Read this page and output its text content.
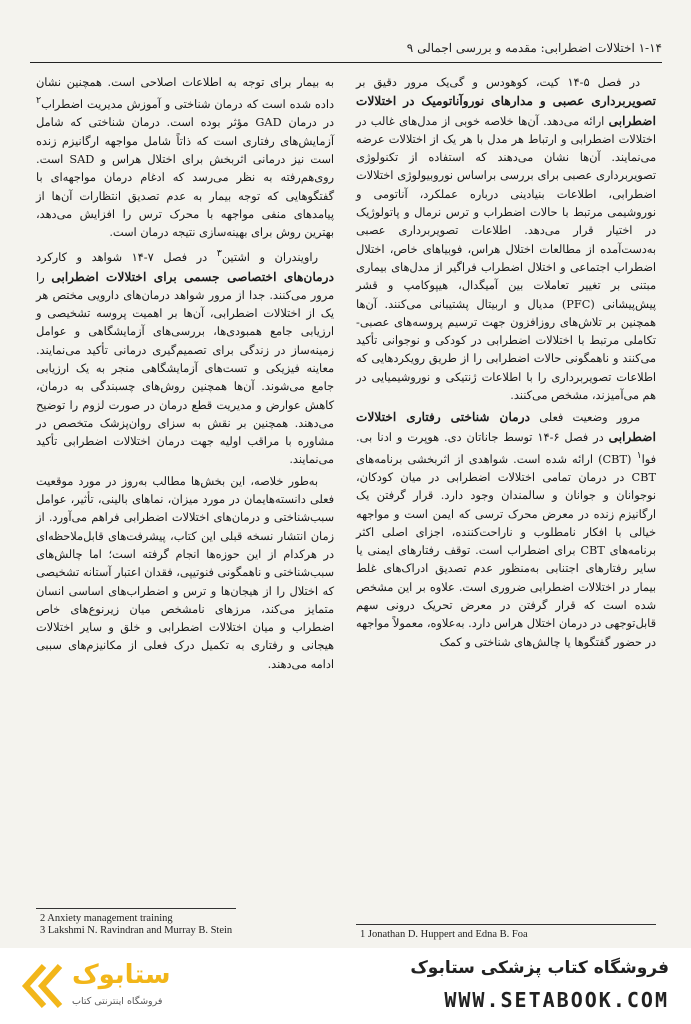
۱-۱۴ اختلالات اضطرابی: مقدمه و بررسی اجمالی ۹

در فصل ۵-۱۴ کیت، کوهودس و گی‌یک مرور دقیق بر تصویربرداری عصبی و مدارهای نوروآناتومیک در اختلالات اضطرابی ارائه می‌دهد. آن‌ها خلاصه خوبی از مدل‌های غالب در اختلالات اضطرابی و ارتباط هر مدل با هر یک از اختلالات عرضه می‌نمایند. آن‌ها نشان می‌دهند که استفاده از تکنولوژی تصویربرداری عصبی برای بررسی براساس نوروبیولوژی اختلالات اضطرابی، اطلاعات بنیادینی درباره عملکرد، آناتومی و نوروشیمی مرتبط با حالات اضطراب و ترس نرمال و پاتولوژیک در اختیار قرار می‌دهد. اطلاعات تصویربرداری عصبی به‌دست‌آمده از مطالعات اختلال هراس، فوبیاهای خاص، اختلال اضطراب اجتماعی و اختلال اضطراب فراگیر از مدل‌های بیماری مبتنی بر تغییر تعاملات بین آمیگدال، هیپوکامپ و قشر پیش‌پیشانی (PFC) مدیال و اربیتال پشتیبانی می‌کنند. آن‌ها همچنین بر تلاش‌های روزافزون جهت ترسیم پروسه‌های عصبی- تکاملی مرتبط با اختلالات اضطرابی در کودکی و نوجوانی تأکید می‌کنند و ناهمگونی حالات اضطرابی را از طریق رویکردهایی که اطلاعات تصویربرداری را با اطلاعات ژنتیکی و نوروشیمیایی در هم می‌آمیزند، مشخص می‌کنند.

مرور وضعیت فعلی درمان شناختی رفتاری اختلالات اضطرابی در فصل ۶-۱۴ توسط جاناتان دی. هوپرت و ادنا بی. فوا$^۱$ (CBT) ارائه شده است. شواهدی از اثربخشی برنامه‌های CBT در درمان تمامی اختلالات اضطرابی در میان کودکان، نوجوانان و جوانان و سالمندان وجود دارد. قرار گرفتن یک ارگانیزم زنده در معرض محرک ترسی که ایمن است و مواجهه خیالی با افکار نامطلوب و ناراحت‌کننده، اجزای اصلی اکثر برنامه‌های CBT برای اضطراب است. توقف رفتارهای ایمنی یا سایر رفتارهای اجتنابی به‌منظور عدم تصدیق ادراک‌های غلط بیمار در اختلالات اضطرابی ضروری است. علاوه بر این مشخص شده است که قرار گرفتن در معرض تحریک درونی سهم قابل‌توجهی در درمان اختلال هراس دارد. به‌علاوه، معمولاً مواجهه در حضور گفتگوها یا چالش‌های شناختی و کمک

به بیمار برای توجه به اطلاعات اصلاحی است. همچنین نشان داده شده است که درمان شناختی و آموزش مدیریت اضطراب$^۲$ در درمان GAD مؤثر بوده است. درمان شناختی که شامل آزمایش‌های رفتاری است که ذاتاً شامل مواجهه ارگانیزم زنده است نیز درمانی اثربخش برای اختلال هراس و SAD است. روی‌هم‌رفته به نظر می‌رسد که ادغام درمان مواجهه‌ای با گفتگوهایی که توجه بیمار به عدم تصدیق انتظارات آن‌ها از پیامدهای منفی مواجهه با محرک ترس را افزایش می‌دهد، بهترین روش برای بهینه‌سازی نتیجه درمان است.

راویندران و اشتین$^۳$ در فصل ۷-۱۴ شواهد و کارکرد درمان‌های اختصاصی جسمی برای اختلالات اضطرابی را مرور می‌کنند. جدا از مرور شواهد درمان‌های دارویی مختص هر یک از اختلالات اضطرابی، آن‌ها بر اهمیت پروسه تشخیصی و ارزیابی جامع همبودی‌ها، بررسی‌های آزمایشگاهی و عوامل زمینه‌ساز در زندگی برای تصمیم‌گیری درمانی تأکید می‌نمایند. معاینه فیزیکی و تست‌های آزمایشگاهی منجر به یک ارزیابی جامع می‌شوند. آن‌ها همچنین روش‌های چسبندگی به درمان، کاهش عوارض و مدیریت قطع درمان در صورت لزوم را توضیح می‌دهند. همچنین بر نقش به سزای روان‌پزشک متخصص در مشاوره با مراقب اولیه جهت درمان اختلالات اضطرابی تأکید می‌نمایند.

به‌طور خلاصه، این بخش‌ها مطالب به‌روز در مورد موقعیت فعلی دانسته‌هایمان در مورد میزان، نماهای بالینی، تأثیر، عوامل سبب‌شناختی و درمان‌های اختلالات اضطرابی فراهم می‌آورد. از زمان انتشار نسخه قبلی این کتاب، پیشرفت‌های قابل‌ملاحظه‌ای در هرکدام از این حوزه‌ها انجام گرفته است؛ اما چالش‌های سبب‌شناختی و ناهمگونی فنوتیپی، فقدان اعتبار آستانه تشخیصی که اختلال را از هیجان‌ها و ترس و اضطراب‌های اساسی انسان متمایز می‌کند، مرزهای نامشخص میان زیرنوع‌های خاص اضطراب و میان اختلالات اضطرابی و خلق و سایر اختلالات هیجانی و رفتاری به تکمیل درک فعلی از مکانیزم‌های سببی ادامه می‌دهند.

2 Anxiety management training
3 Lakshmi N. Ravindran and Murray B. Stein	1 Jonathan D. Huppert and Edna B. Foa
ستابوک
فروشگاه اینترنتی کتاب
فروشگاه کتاب پزشکی ستابوک
WWW.SETABOOK.COM
